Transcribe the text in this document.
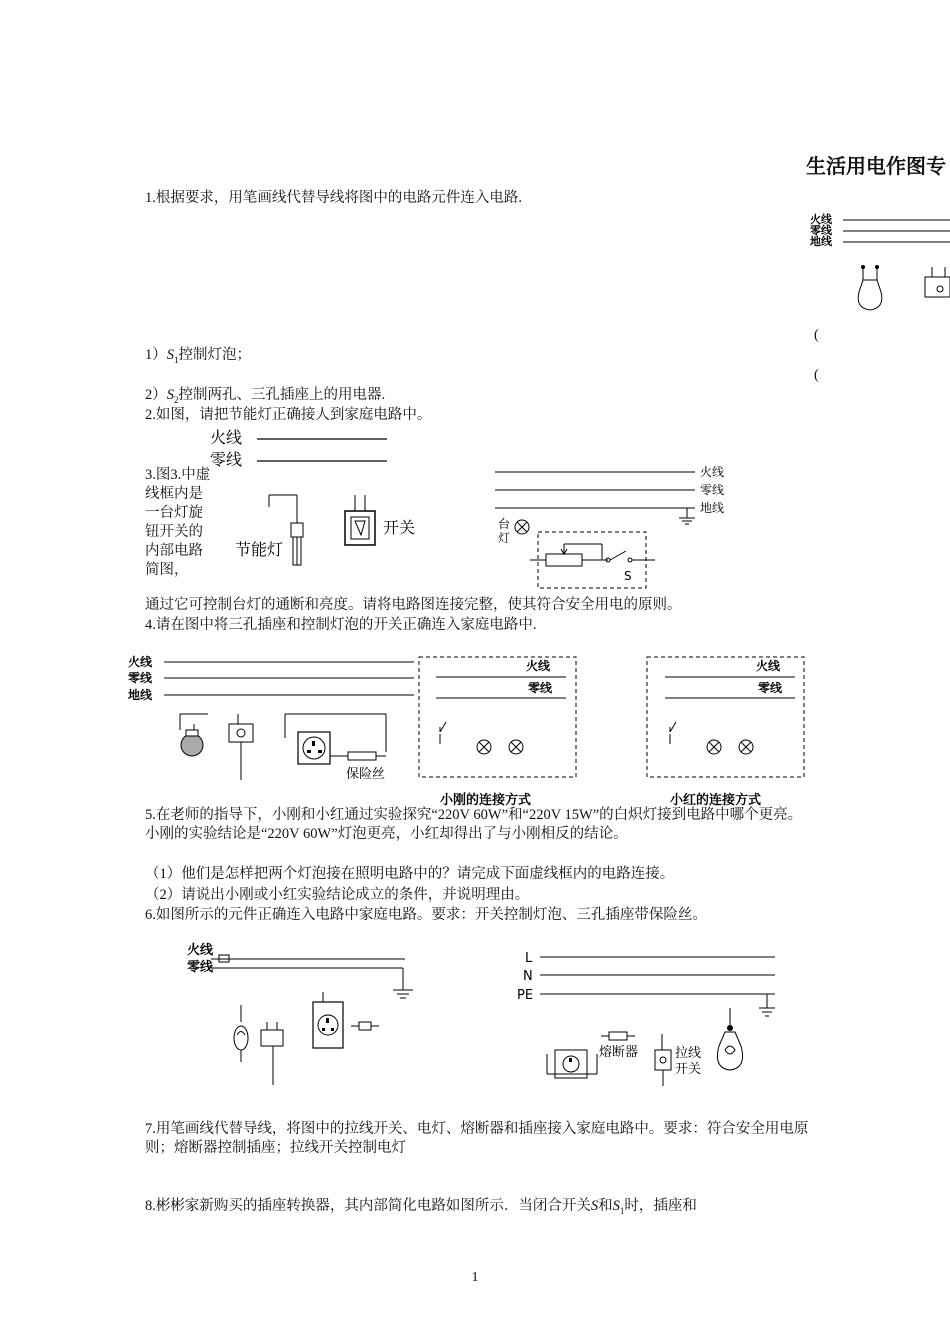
生活用电作图专
火线
零线
地线
(
(
1.根据要求，用笔画线代替导线将图中的电路元件连入电路.
$1)S_1$控制灯泡；
$2)S_2$控制两孔、三孔插座上的用电器.
2.如图，请把节能灯正确接人到家庭电路中。
火线
零线
节能灯
开关
3.图3.中虚线框内是一台灯旋钮开关的内部电路简图，
火线
零线
地线
台
灯
S
通过它可控制台灯的通断和亮度。请将电路图连接完整，使其符合安全用电的原则。
4.请在图中将三孔插座和控制灯泡的开关正确连入家庭电路中.
火线
零线
地线
保险丝
火线
零线
小刚的连接方式
火线
零线
小红的连接方式
5.在老师的指导下，小刚和小红通过实验探究“220V 60W”和“220V 15W”的白炽灯接到电路中哪个更亮。小刚的实验结论是“220V 60W”灯泡更亮，小红却得出了与小刚相反的结论。
（1）他们是怎样把两个灯泡接在照明电路中的？请完成下面虚线框内的电路连接。
（2）请说出小刚或小红实验结论成立的条件，并说明理由。
6.如图所示的元件正确连入电路中家庭电路。要求：开关控制灯泡、三孔插座带保险丝。
火线
零线
L
N
PE
熔断器	拉线
开关
7.用笔画线代替导线，将图中的拉线开关、电灯、熔断器和插座接入家庭电路中。要求：符合安全用电原则；熔断器控制插座；拉线开关控制电灯
8.彬彬家新购买的插座转换器，其内部简化电路如图所示．当闭合开关S和$S_1$时，插座和
1
